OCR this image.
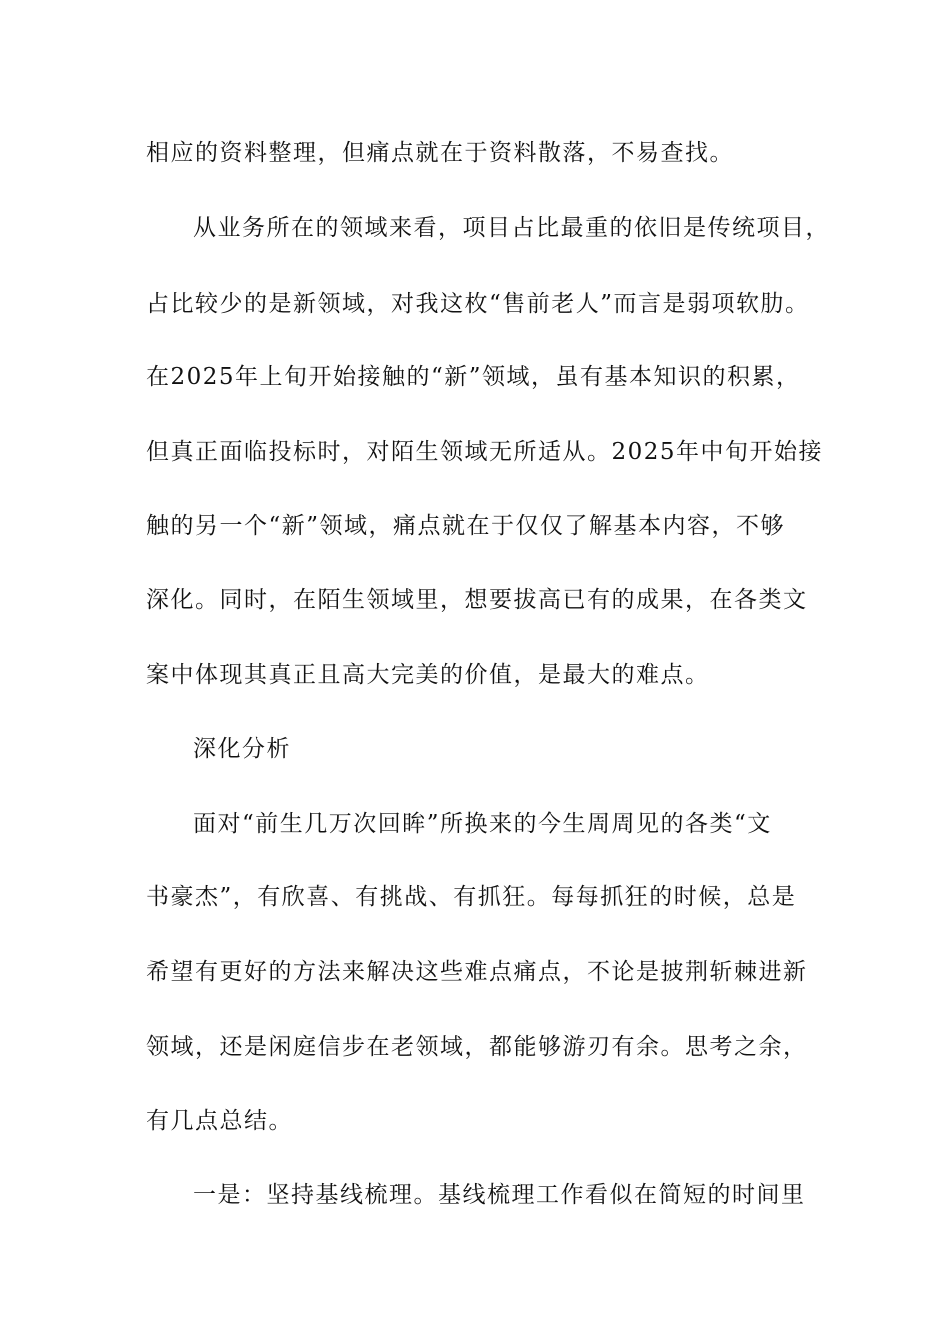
相应的资料整理，但痛点就在于资料散落，不易查找。
从业务所在的领域来看，项目占比最重的依旧是传统项目，
占比较少的是新领域，对我这枚“售前老人”而言是弱项软肋。
在2025年上旬开始接触的“新”领域，虽有基本知识的积累，
但真正面临投标时，对陌生领域无所适从。2025年中旬开始接
触的另一个“新”领域，痛点就在于仅仅了解基本内容，不够
深化。同时，在陌生领域里，想要拔高已有的成果，在各类文
案中体现其真正且高大完美的价值，是最大的难点。
深化分析
面对“前生几万次回眸”所换来的今生周周见的各类“文
书豪杰”，有欣喜、有挑战、有抓狂。每每抓狂的时候，总是
希望有更好的方法来解决这些难点痛点，不论是披荆斩棘进新
领域，还是闲庭信步在老领域，都能够游刃有余。思考之余，
有几点总结。
一是：坚持基线梳理。基线梳理工作看似在简短的时间里
